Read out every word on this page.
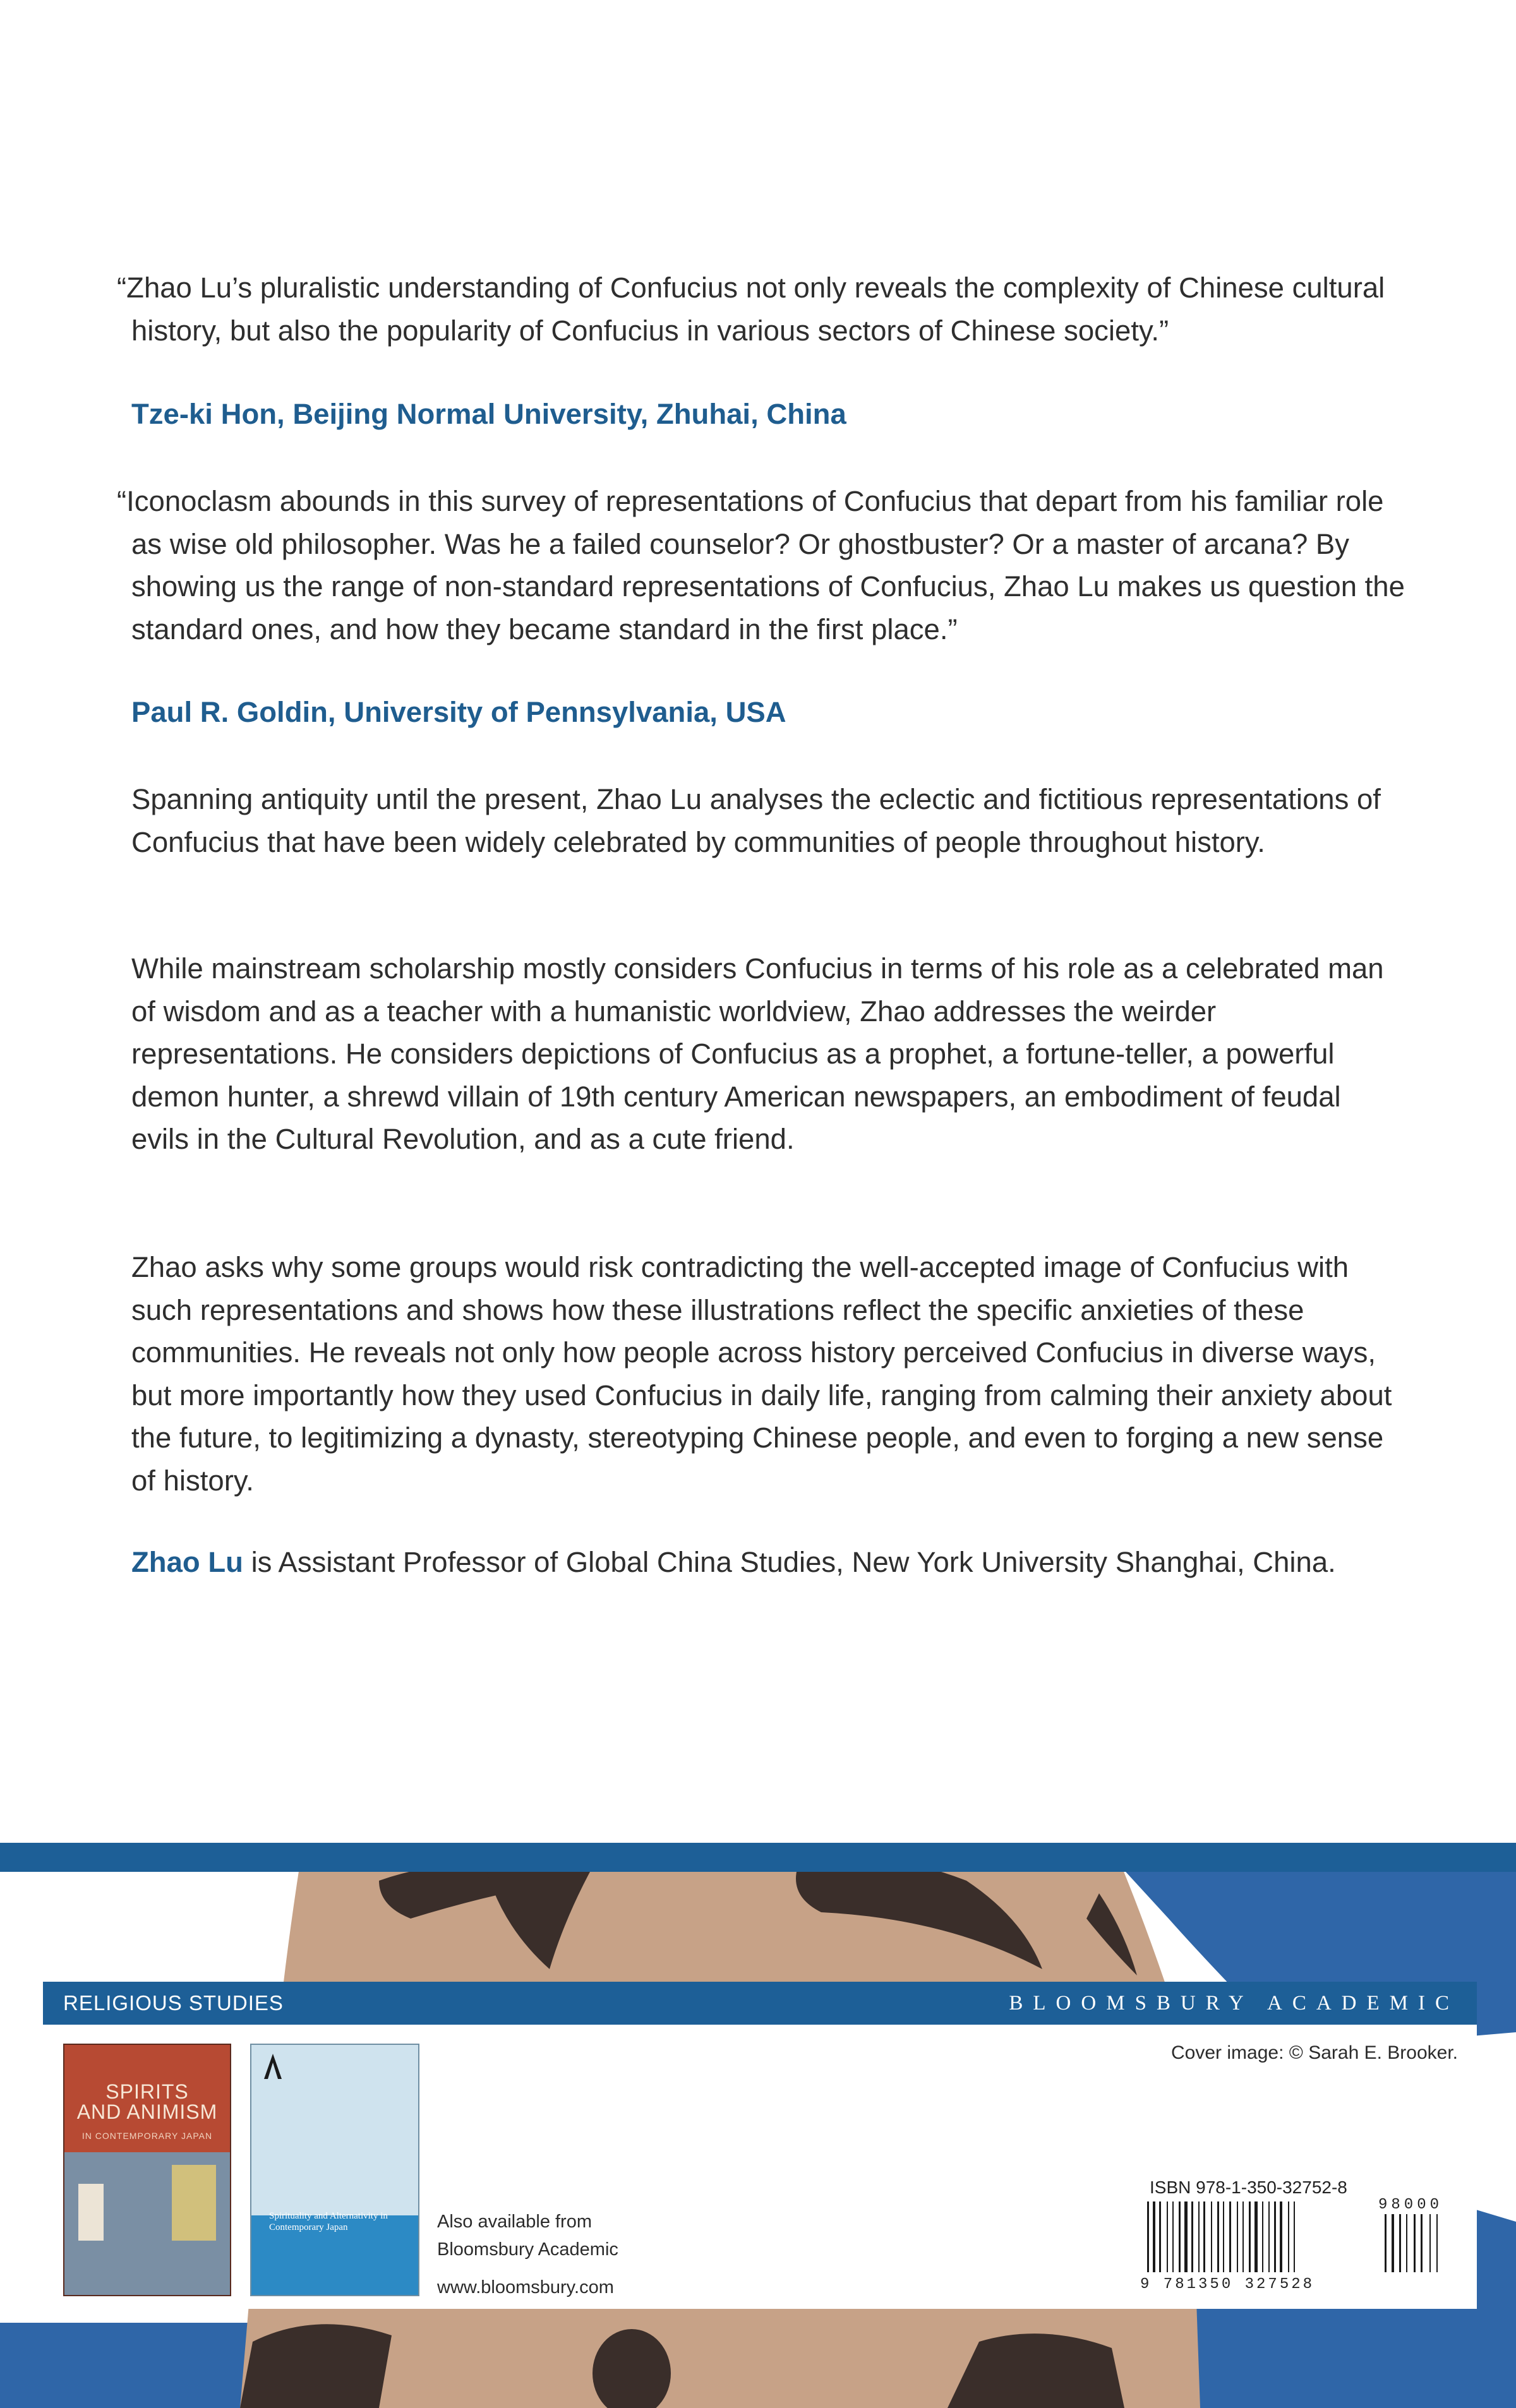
“Zhao Lu’s pluralistic understanding of Confucius not only reveals the complexity of Chinese cultural history, but also the popularity of Confucius in various sectors of Chinese society.”
Tze-ki Hon, Beijing Normal University, Zhuhai, China
“Iconoclasm abounds in this survey of representations of Confucius that depart from his familiar role as wise old philosopher. Was he a failed counselor? Or ghostbuster? Or a master of arcana? By showing us the range of non-standard representations of Confucius, Zhao Lu makes us question the standard ones, and how they became standard in the first place.”
Paul R. Goldin, University of Pennsylvania, USA
Spanning antiquity until the present, Zhao Lu analyses the eclectic and fictitious representations of Confucius that have been widely celebrated by communities of people throughout history.
While mainstream scholarship mostly considers Confucius in terms of his role as a celebrated man of wisdom and as a teacher with a humanistic worldview, Zhao addresses the weirder representations. He considers depictions of Confucius as a prophet, a fortune-teller, a powerful demon hunter, a shrewd villain of 19th century American newspapers, an embodiment of feudal evils in the Cultural Revolution, and as a cute friend.
Zhao asks why some groups would risk contradicting the well-accepted image of Confucius with such representations and shows how these illustrations reflect the specific anxieties of these communities. He reveals not only how people across history perceived Confucius in diverse ways, but more importantly how they used Confucius in daily life, ranging from calming their anxiety about the future, to legitimizing a dynasty, stereotyping Chinese people, and even to forging a new sense of history.
Zhao Lu is Assistant Professor of Global China Studies, New York University Shanghai, China.
RELIGIOUS STUDIES	BLOOMSBURY ACADEMIC
Cover image: © Sarah E. Brooker.
SPIRITS
AND ANIMISM
IN CONTEMPORARY JAPAN
Spirituality and Alternativity in Contemporary Japan	Also available from
Bloomsbury Academic
www.bloomsbury.com
ISBN 978-1-350-32752-8
9 781350 327528
98000
